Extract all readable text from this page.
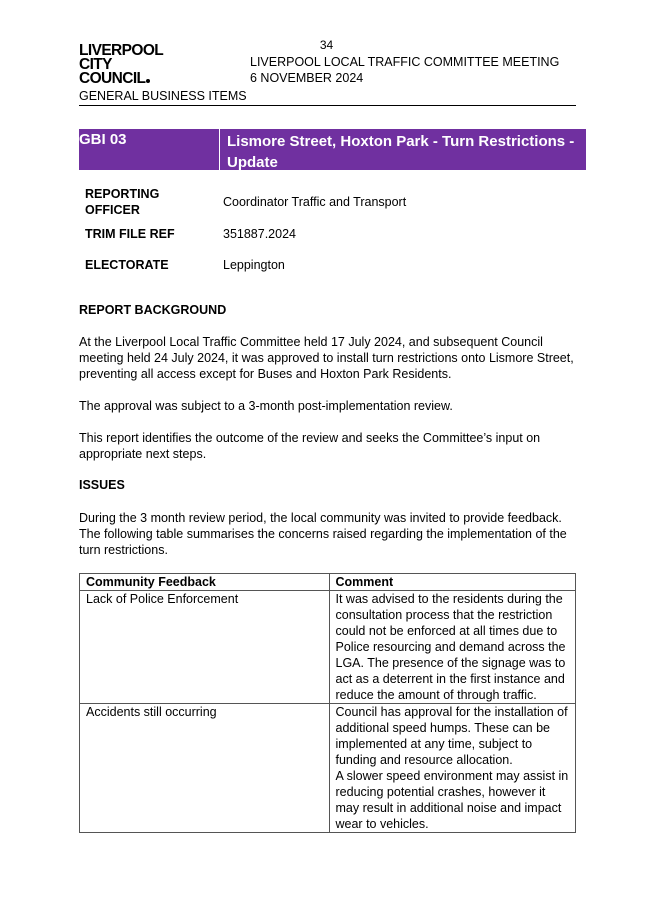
34
LIVERPOOL
CITY
COUNCIL
LIVERPOOL LOCAL TRAFFIC COMMITTEE MEETING
6 NOVEMBER 2024
GENERAL BUSINESS ITEMS
GBI 03	Lismore Street, Hoxton Park - Turn Restrictions - Update
REPORTING
OFFICER
Coordinator Traffic and Transport
TRIM FILE REF	351887.2024
ELECTORATE	Leppington
REPORT BACKGROUND
At the Liverpool Local Traffic Committee held 17 July 2024, and subsequent Council meeting held 24 July 2024, it was approved to install turn restrictions onto Lismore Street, preventing all access except for Buses and Hoxton Park Residents.
The approval was subject to a 3-month post-implementation review.
This report identifies the outcome of the review and seeks the Committee’s input on appropriate next steps.
ISSUES
During the 3 month review period, the local community was invited to provide feedback. The following table summarises the concerns raised regarding the implementation of the turn restrictions.
Community Feedback	Comment
Lack of Police Enforcement	It was advised to the residents during the consultation process that the restriction could not be enforced at all times due to Police resourcing and demand across the LGA. The presence of the signage was to act as a deterrent in the first instance and reduce the amount of through traffic.
Accidents still occurring	Council has approval for the installation of additional speed humps. These can be implemented at any time, subject to funding and resource allocation.
A slower speed environment may assist in reducing potential crashes, however it may result in additional noise and impact wear to vehicles.
